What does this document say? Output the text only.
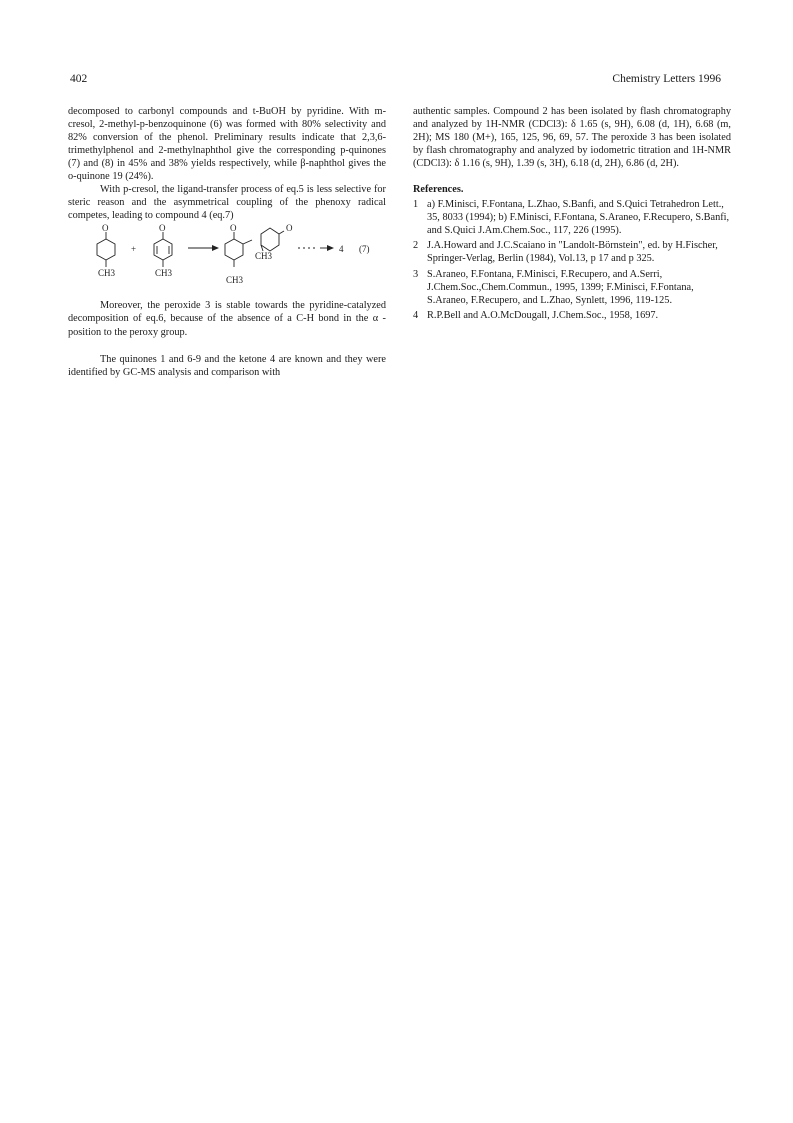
402	Chemistry Letters 1996

decomposed to carbonyl compounds and t-BuOH by pyridine. With m-cresol, 2-methyl-p-benzoquinone (6) was formed with 80% selectivity and 82% conversion of the phenol. Preliminary results indicate that 2,3,6-trimethylphenol and 2-methylnaphthol give the corresponding p-quinones (7) and (8) in 45% and 38% yields respectively, while β-naphthol gives the o-quinone 19 (24%).

With p-cresol, the ligand-transfer process of eq.5 is less selective for steric reason and the asymmetrical coupling of the phenoxy radical competes, leading to compound 4 (eq.7)

O
CH3
+
O
CH3
O
CH3
CH3
O
4 (7)

Moreover, the peroxide 3 is stable towards the pyridine-catalyzed decomposition of eq.6, because of the absence of a C-H bond in the α -position to the peroxy group.

The quinones 1 and 6-9 and the ketone 4 are known and they were identified by GC-MS analysis and comparison with

authentic samples. Compound 2 has been isolated by flash chromatography and analyzed by 1H-NMR (CDCl3): δ 1.65 (s, 9H), 6.08 (d, 1H), 6.68 (m, 2H); MS 180 (M+), 165, 125, 96, 69, 57. The peroxide 3 has been isolated by flash chromatography and analyzed by iodometric titration and 1H-NMR (CDCl3): δ 1.16 (s, 9H), 1.39 (s, 3H), 6.18 (d, 2H), 6.86 (d, 2H).

References.

1 a) F.Minisci, F.Fontana, L.Zhao, S.Banfi, and S.Quici Tetrahedron Lett., 35, 8033 (1994); b) F.Minisci, F.Fontana, S.Araneo, F.Recupero, S.Banfi, and S.Quici J.Am.Chem.Soc., 117, 226 (1995).
2 J.A.Howard and J.C.Scaiano in "Landolt-Börnstein", ed. by H.Fischer, Springer-Verlag, Berlin (1984), Vol.13, p 17 and p 325.
3 S.Araneo, F.Fontana, F.Minisci, F.Recupero, and A.Serri, J.Chem.Soc.,Chem.Commun., 1995, 1399; F.Minisci, F.Fontana, S.Araneo, F.Recupero, and L.Zhao, Synlett, 1996, 119-125.
4 R.P.Bell and A.O.McDougall, J.Chem.Soc., 1958, 1697.
